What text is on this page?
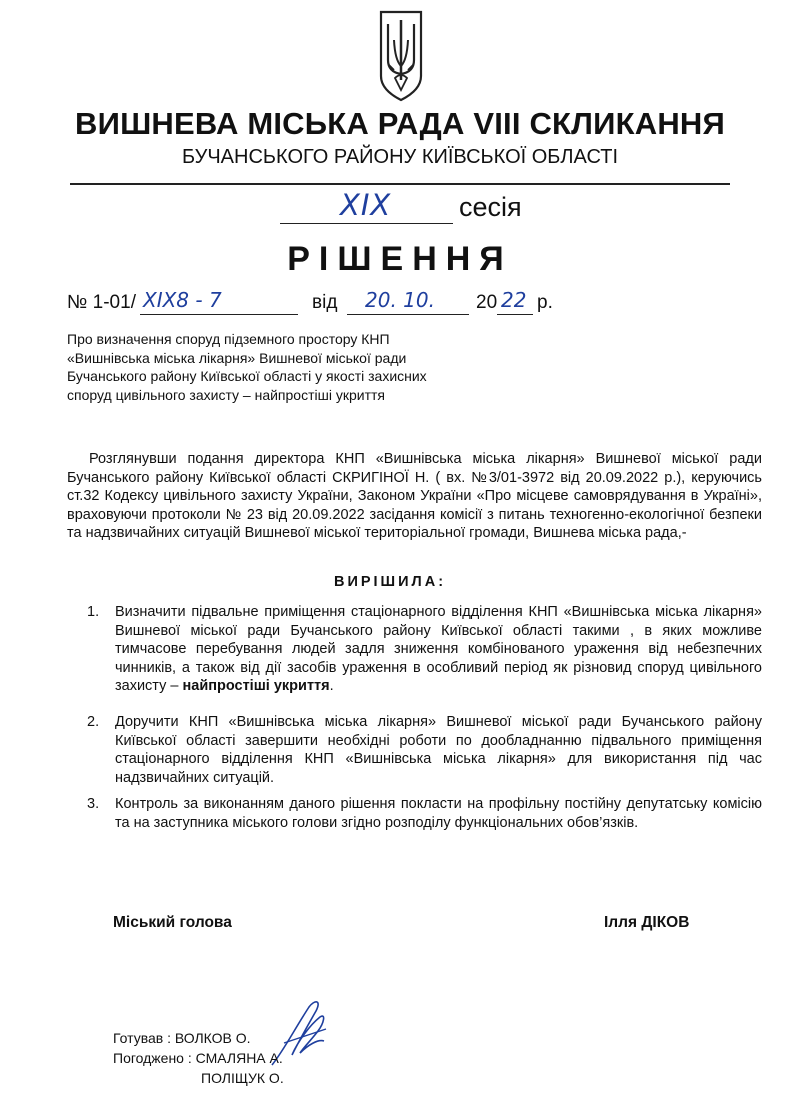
ВИШНЕВА МІСЬКА РАДА VIII СКЛИКАННЯ
БУЧАНСЬКОГО РАЙОНУ КИЇВСЬКОЇ ОБЛАСТІ
XIX	сесія
РІШЕННЯ
№ 1-01/ XIX8 - 7	від 20. 10. 20 22 р.
Про визначення споруд підземного простору КНП «Вишнівська міська лікарня» Вишневої міської ради Бучанського району Київської області у якості захисних споруд цивільного захисту – найпростіші укриття
Розглянувши подання директора КНП «Вишнівська міська лікарня» Вишневої міської ради Бучанського району Київської області СКРИГІНОЇ Н. ( вх. №3/01-3972 від 20.09.2022 р.), керуючись ст.32 Кодексу цивільного захисту України, Законом України «Про місцеве самоврядування в Україні», враховуючи протоколи № 23 від 20.09.2022 засідання комісії з питань техногенно-екологічної безпеки та надзвичайних ситуацій Вишневої міської територіальної громади, Вишнева міська рада,-
ВИРІШИЛА:
1. Визначити підвальне приміщення стаціонарного відділення КНП «Вишнівська міська лікарня» Вишневої міської ради Бучанського району Київської області такими , в яких можливе тимчасове перебування людей задля зниження комбінованого ураження від небезпечних чинників, а також від дії засобів ураження в особливий період як різновид споруд цивільного захисту – найпростіші укриття.
2. Доручити КНП «Вишнівська міська лікарня» Вишневої міської ради Бучанського району Київської області завершити необхідні роботи по дообладнанню підвального приміщення стаціонарного відділення КНП «Вишнівська міська лікарня» для використання під час надзвичайних ситуацій.
3. Контроль за виконанням даного рішення покласти на профільну постійну депутатську комісію та на заступника міського голови згідно розподілу функціональних обов’язків.
Міський голова	Ілля ДІКОВ
Готував : ВОЛКОВ О.
Погоджено : СМАЛЯНА А.
ПОЛІЩУК О.
